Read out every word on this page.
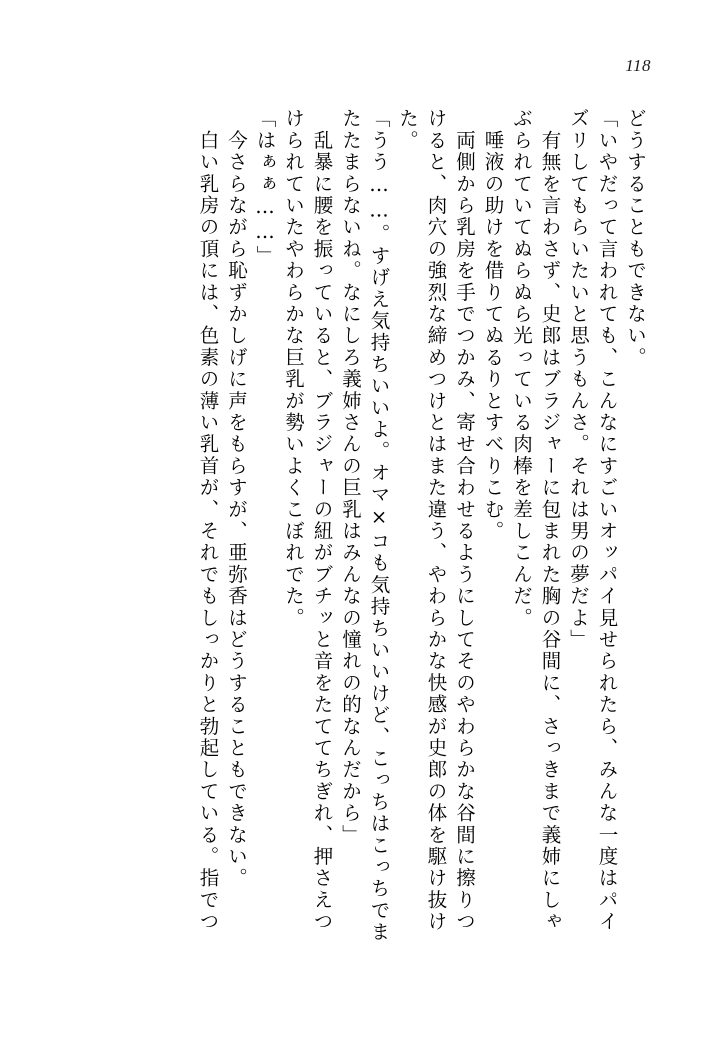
118
どうすることもできない。
「いやだって言われても、こんなにすごいオッパイ見せられたら、みんな一度はパイ
ズリしてもらいたいと思うもんさ。それは男の夢だよ」
　有無を言わさず、史郎はブラジャーに包まれた胸の谷間に、さっきまで義姉にしゃ
ぶられていてぬらぬら光っている肉棒を差しこんだ。
　唾液の助けを借りてぬるりとすべりこむ。
　両側から乳房を手でつかみ、寄せ合わせるようにしてそのやわらかな谷間に擦りつ
けると、肉穴の強烈な締めつけとはまた違う、やわらかな快感が史郎の体を駆け抜け
た。
「うう……。すげえ気持ちいいよ。オマ×コも気持ちいいけど、こっちはこっちでま
たたまらないね。なにしろ義姉さんの巨乳はみんなの憧れの的なんだから」
　乱暴に腰を振っていると、ブラジャーの紐がブチッと音をたててちぎれ、押さえつ
けられていたやわらかな巨乳が勢いよくこぼれでた。
「はぁぁ……」
　今さらながら恥ずかしげに声をもらすが、亜弥香はどうすることもできない。
　白い乳房の頂には、色素の薄い乳首が、それでもしっかりと勃起している。指でつ
